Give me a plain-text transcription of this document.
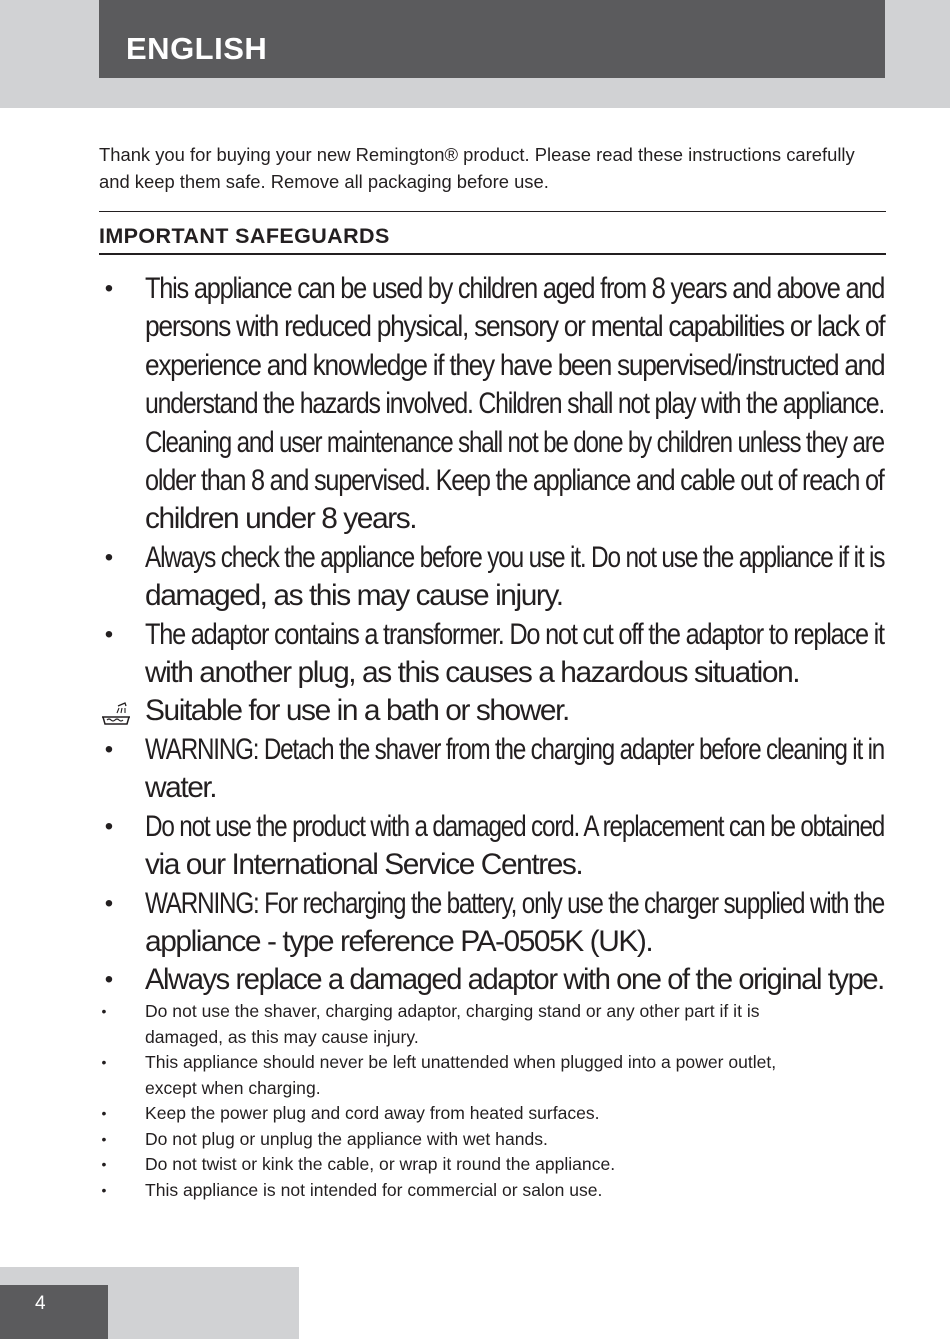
ENGLISH

Thank you for buying your new Remington® product. Please read these instructions carefully and keep them safe. Remove all packaging before use.

IMPORTANT SAFEGUARDS
• This appliance can be used by children aged from 8 years and above and
persons with reduced physical, sensory or mental capabilities or lack of
experience and knowledge if they have been supervised/instructed and
understand the hazards involved. Children shall not play with the appliance.
Cleaning and user maintenance shall not be done by children unless they are
older than 8 and supervised. Keep the appliance and cable out of reach of
children under 8 years.
• Always check the appliance before you use it. Do not use the appliance if it is
damaged, as this may cause injury.
• The adaptor contains a transformer. Do not cut off the adaptor to replace it
with another plug, as this causes a hazardous situation.
Suitable for use in a bath or shower.
• WARNING: Detach the shaver from the charging adapter before cleaning it in
water.
• Do not use the product with a damaged cord. A replacement can be obtained
via our International Service Centres.
• WARNING: For recharging the battery, only use the charger supplied with the
appliance - type reference PA-0505K (UK).
• Always replace a damaged adaptor with one of the original type.
• Do not use the shaver, charging adaptor, charging stand or any other part if it is
damaged, as this may cause injury.
• This appliance should never be left unattended when plugged into a power outlet,
except when charging.
• Keep the power plug and cord away from heated surfaces.
• Do not plug or unplug the appliance with wet hands.
• Do not twist or kink the cable, or wrap it round the appliance.
• This appliance is not intended for commercial or salon use.

4
